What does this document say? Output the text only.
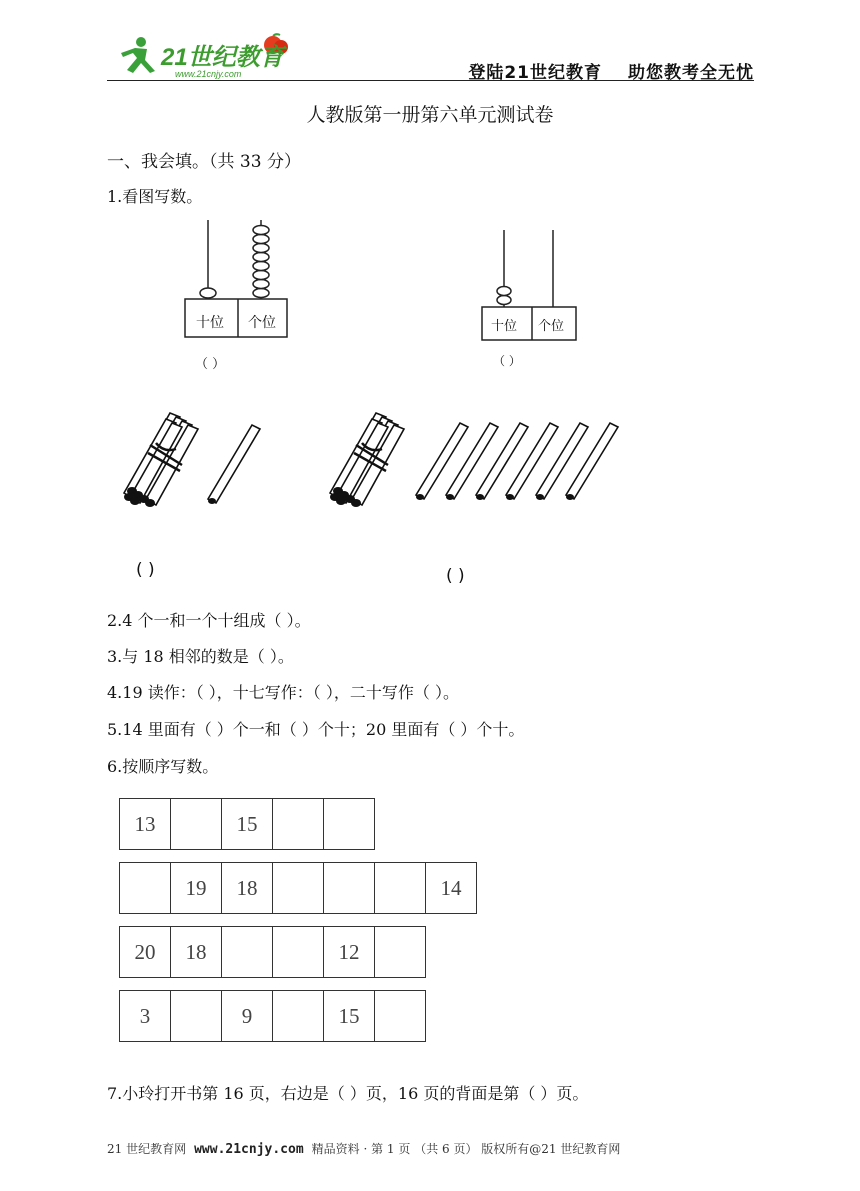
21世纪教育
www.21cnjy.com	登陆21世纪教育 助您教考全无忧
人教版第一册第六单元测试卷
一、我会填。（共 33 分）
1.看图写数。
十位 个位
（ ）
十位 个位
（ ）
( )	( )
2.4 个一和一个十组成（ ）。
3.与 18 相邻的数是（ ）。
4.19 读作：（ ），十七写作：（ ），二十写作（ ）。
5.14 里面有（ ）个一和（ ）个十；20 里面有（ ）个十。
6.按顺序写数。
13		15		
	19	18				14
20	18			12	
3		9		15	
7.小玲打开书第 16 页，右边是（ ）页，16 页的背面是第（ ）页。
21 世纪教育网 www.21cnjy.com 精品资料 · 第 1 页 （共 6 页） 版权所有@21 世纪教育网
